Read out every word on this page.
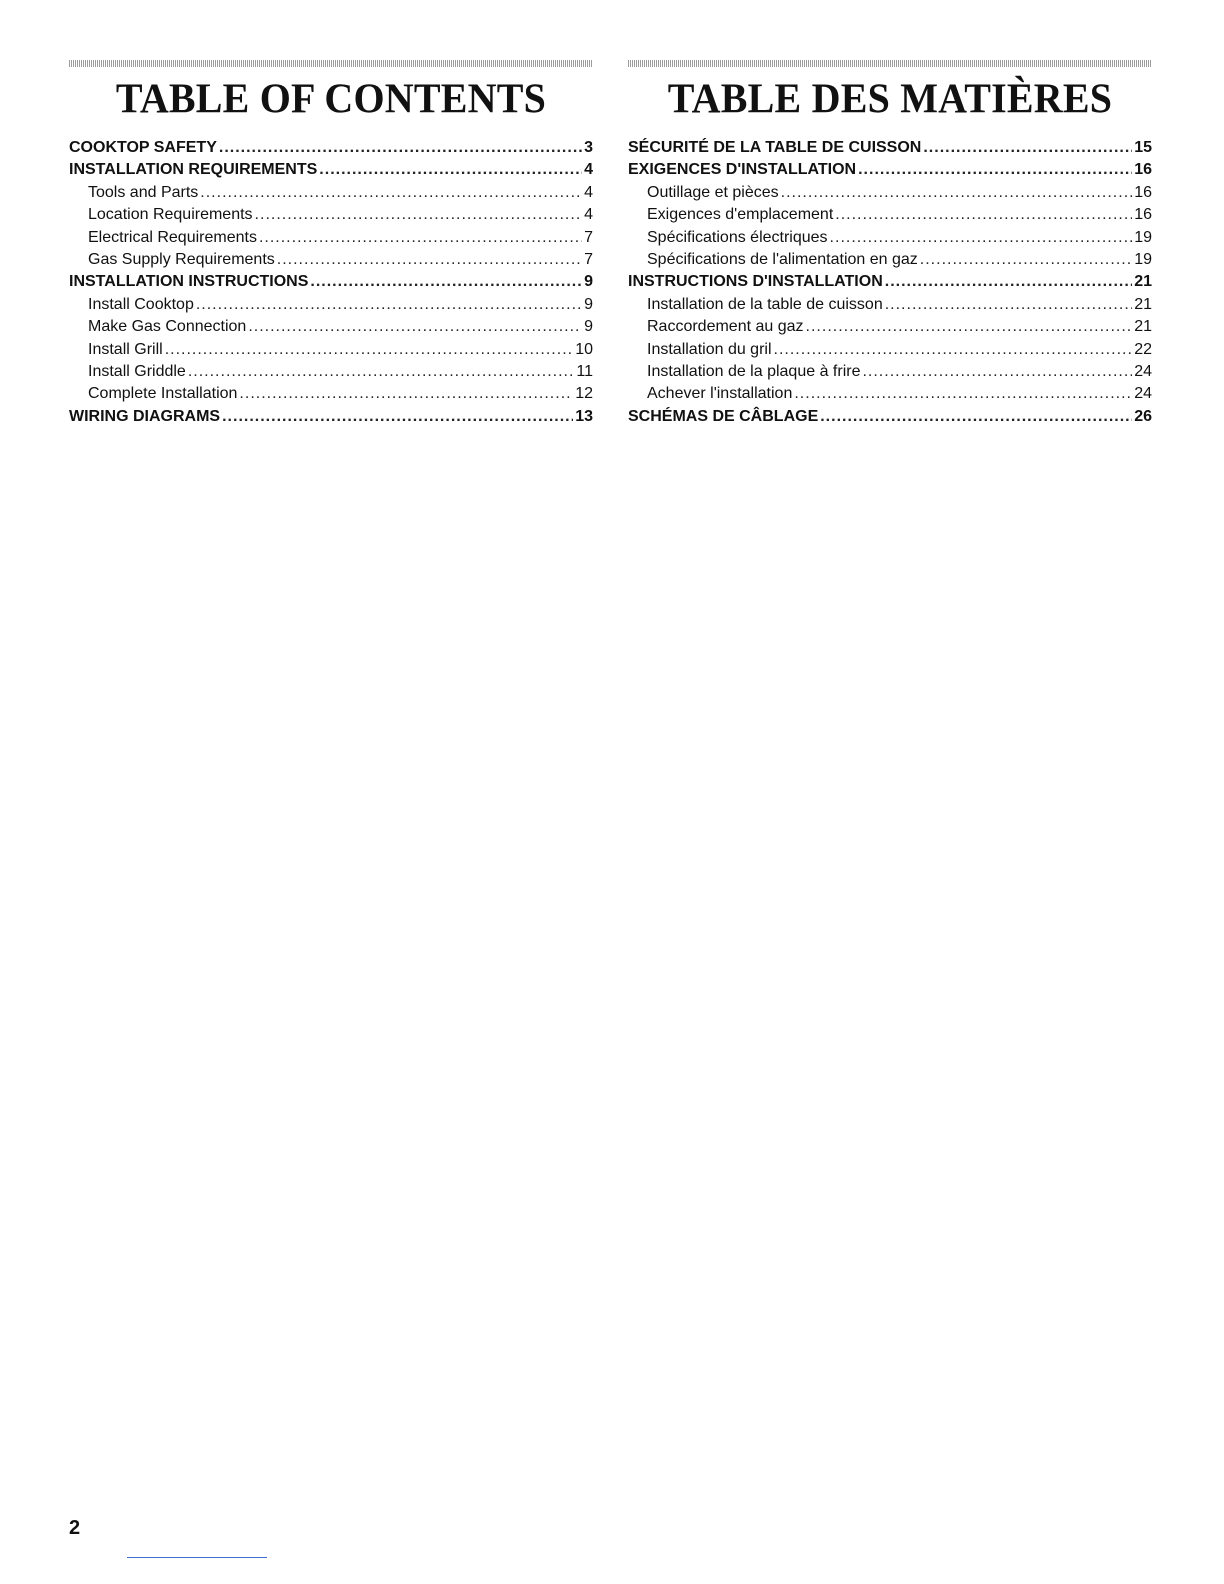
TABLE OF CONTENTS
COOKTOP SAFETY .....	3
INSTALLATION REQUIREMENTS .....	4
Tools and Parts .....	4
Location Requirements .....	4
Electrical Requirements .....	7
Gas Supply Requirements .....	7
INSTALLATION INSTRUCTIONS .....	9
Install Cooktop .....	9
Make Gas Connection .....	9
Install Grill .....	10
Install Griddle .....	11
Complete Installation .....	12
WIRING DIAGRAMS .....	13
TABLE DES MATIÈRES
SÉCURITÉ DE LA TABLE DE CUISSON .....	15
EXIGENCES D'INSTALLATION .....	16
Outillage et pièces .....	16
Exigences d'emplacement .....	16
Spécifications électriques .....	19
Spécifications de l'alimentation en gaz .....	19
INSTRUCTIONS D'INSTALLATION .....	21
Installation de la table de cuisson .....	21
Raccordement au gaz .....	21
Installation du gril .....	22
Installation de la plaque à frire .....	24
Achever l'installation .....	24
SCHÉMAS DE CÂBLAGE .....	26
2
